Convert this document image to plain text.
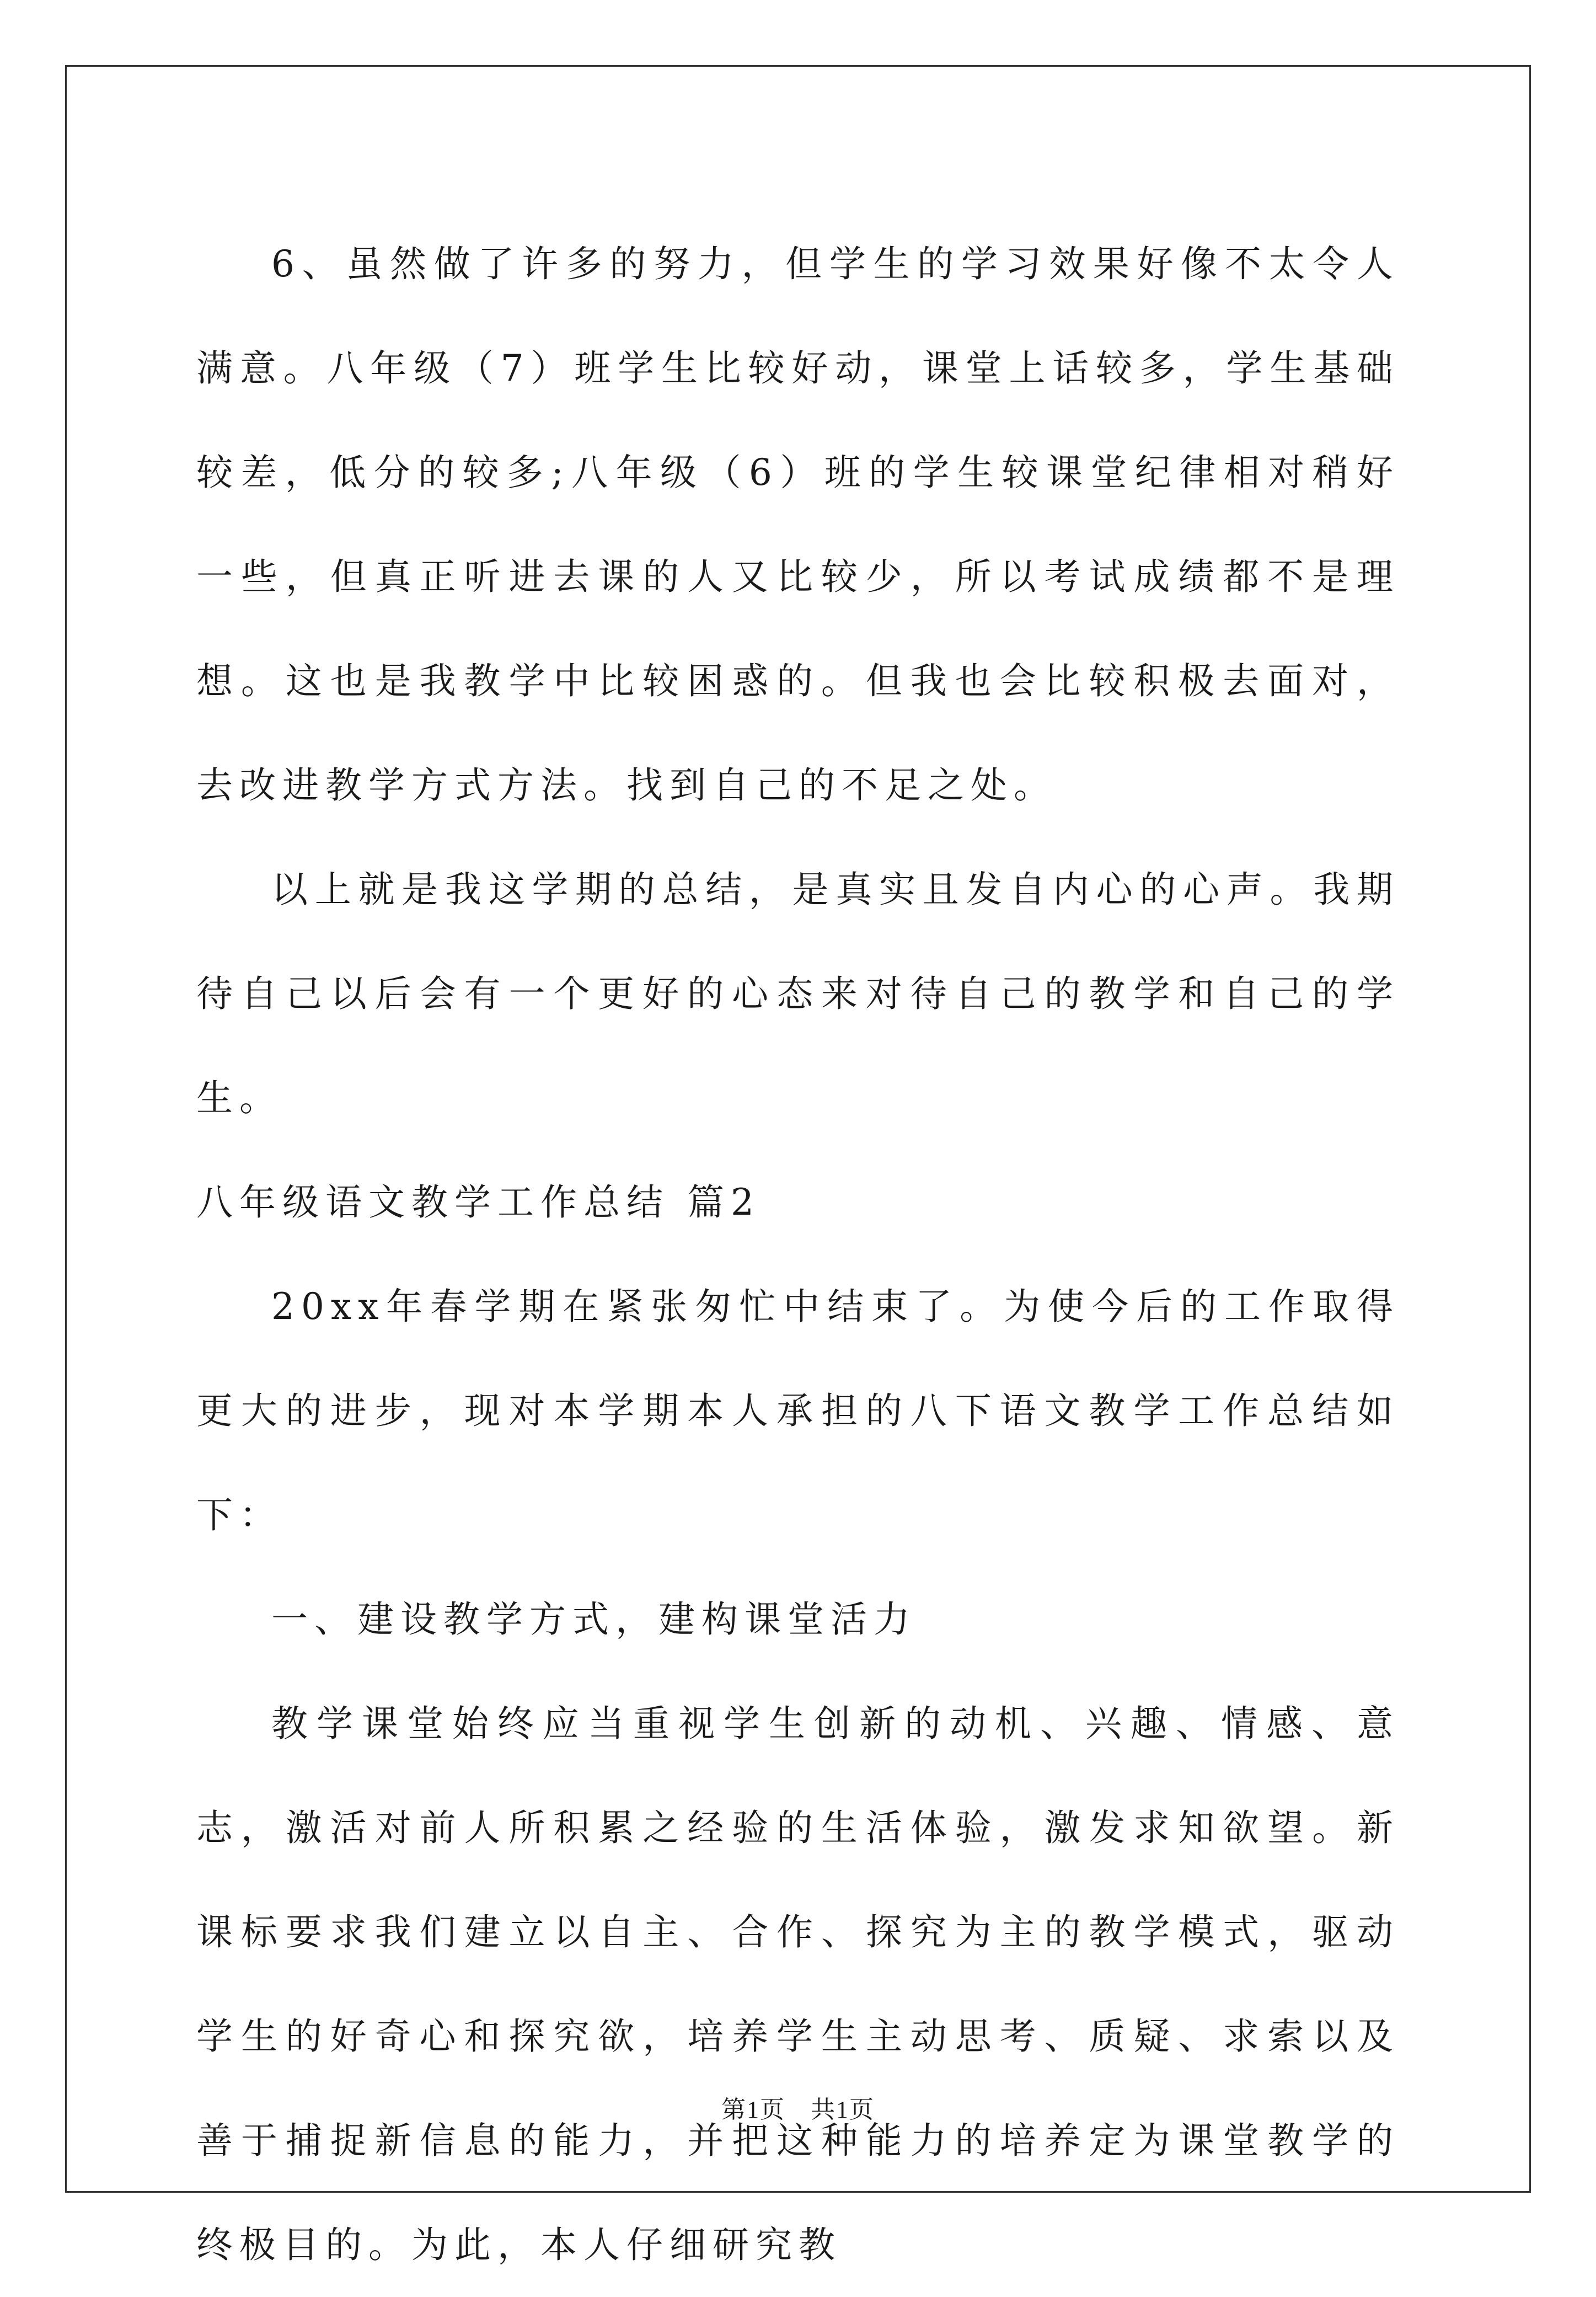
6、虽然做了许多的努力，但学生的学习效果好像不太令人满意。八年级（7）班学生比较好动，课堂上话较多，学生基础较差，低分的较多;八年级（6）班的学生较课堂纪律相对稍好一些，但真正听进去课的人又比较少，所以考试成绩都不是理想。这也是我教学中比较困惑的。但我也会比较积极去面对，去改进教学方式方法。找到自己的不足之处。

以上就是我这学期的总结，是真实且发自内心的心声。我期待自己以后会有一个更好的心态来对待自己的教学和自己的学生。

八年级语文教学工作总结 篇2

20xx年春学期在紧张匆忙中结束了。为使今后的工作取得更大的进步，现对本学期本人承担的八下语文教学工作总结如下：

一、建设教学方式，建构课堂活力

教学课堂始终应当重视学生创新的动机、兴趣、情感、意志，激活对前人所积累之经验的生活体验，激发求知欲望。新课标要求我们建立以自主、合作、探究为主的教学模式，驱动学生的好奇心和探究欲，培养学生主动思考、质疑、求索以及善于捕捉新信息的能力，并把这种能力的培养定为课堂教学的终极目的。为此，本人仔细研究教

第1页　共1页
